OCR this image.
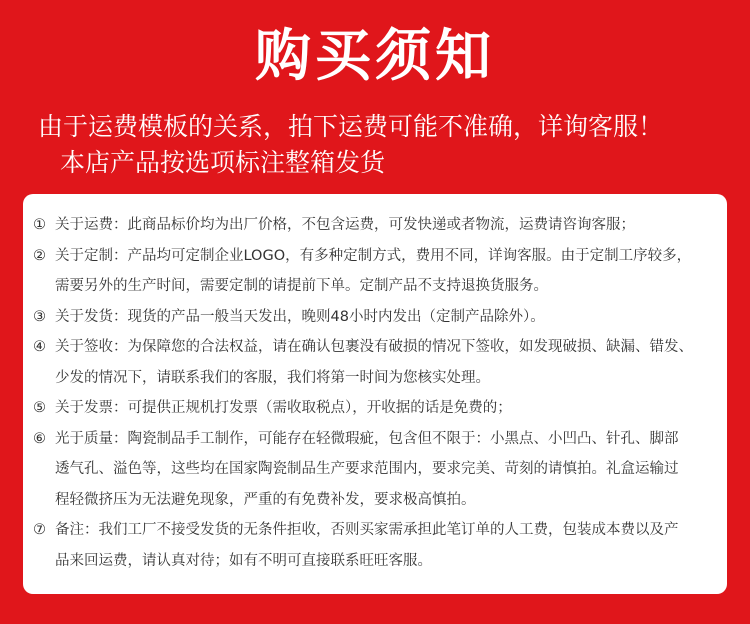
购买须知
由于运费模板的关系，拍下运费可能不准确，详询客服！
本店产品按选项标注整箱发货
① 关于运费：此商品标价均为出厂价格，不包含运费，可发快递或者物流，运费请咨询客服；
② 关于定制：产品均可定制企业LOGO，有多种定制方式，费用不同，详询客服。由于定制工序较多，
需要另外的生产时间，需要定制的请提前下单。定制产品不支持退换货服务。
③ 关于发货：现货的产品一般当天发出，晚则48小时内发出（定制产品除外）。
④ 关于签收：为保障您的合法权益，请在确认包裹没有破损的情况下签收，如发现破损、缺漏、错发、
少发的情况下，请联系我们的客服，我们将第一时间为您核实处理。
⑤ 关于发票：可提供正规机打发票（需收取税点），开收据的话是免费的；
⑥ 光于质量：陶瓷制品手工制作，可能存在轻微瑕疵，包含但不限于：小黑点、小凹凸、针孔、脚部
透气孔、溢色等，这些均在国家陶瓷制品生产要求范围内，要求完美、苛刻的请慎拍。礼盒运输过
程轻微挤压为无法避免现象，严重的有免费补发，要求极高慎拍。
⑦ 备注：我们工厂不接受发货的无条件拒收，否则买家需承担此笔订单的人工费，包装成本费以及产
品来回运费，请认真对待；如有不明可直接联系旺旺客服。
